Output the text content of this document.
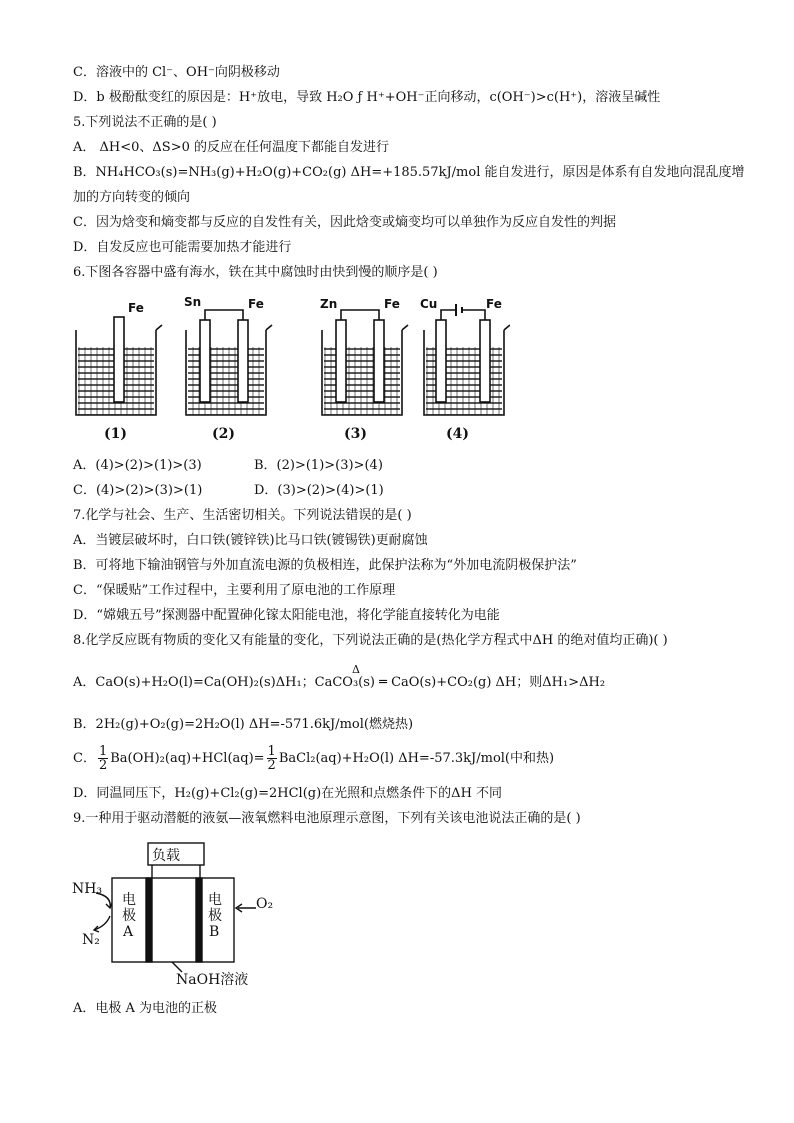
C．溶液中的 Cl⁻、OH⁻向阴极移动
D．b 极酚酞变红的原因是：H⁺放电，导致 H₂O ƒ H⁺+OH⁻正向移动，c(OH⁻)>c(H⁺)，溶液呈碱性
5.下列说法不正确的是( )
A． ΔH<0、ΔS>0 的反应在任何温度下都能自发进行
B．NH₄HCO₃(s)=NH₃(g)+H₂O(g)+CO₂(g) ΔH=+185.57kJ/mol 能自发进行，原因是体系有自发地向混乱度增
加的方向转变的倾向
C．因为焓变和熵变都与反应的自发性有关，因此焓变或熵变均可以单独作为反应自发性的判据
D．自发反应也可能需要加热才能进行
6.下图各容器中盛有海水，铁在其中腐蚀时由快到慢的顺序是( )
Fe	Sn	Fe	Zn	Fe Cu	Fe
(1)	(2)	(3)	(4)
A．(4)>(2)>(1)>(3)	B．(2)>(1)>(3)>(4)
C．(4)>(2)>(3)>(1)	D．(3)>(2)>(4)>(1)
7.化学与社会、生产、生活密切相关。下列说法错误的是( )
A．当镀层破坏时，白口铁(镀锌铁)比马口铁(镀锡铁)更耐腐蚀
B．可将地下输油钢管与外加直流电源的负极相连，此保护法称为“外加电流阴极保护法”
C．“保暖贴”工作过程中，主要利用了原电池的工作原理
D．“嫦娥五号”探测器中配置砷化镓太阳能电池，将化学能直接转化为电能
8.化学反应既有物质的变化又有能量的变化，下列说法正确的是(热化学方程式中ΔH 的绝对值均正确)( )
Δ
A．CaO(s)+H₂O(l)=Ca(OH)₂(s)ΔH₁；CaCO₃(s) ═ CaO(s)+CO₂(g) ΔH；则ΔH₁>ΔH₂
B．2H₂(g)+O₂(g)=2H₂O(l) ΔH=-571.6kJ/mol(燃烧热)
C． $\frac{1}{2} Ba(OH)_2(aq)+HCl(aq)= \frac{1}{2}$ BaCl₂(aq)+H₂O(l) ΔH=-57.3kJ/mol(中和热)
D．同温同压下，H₂(g)+Cl₂(g)=2HCl(g)在光照和点燃条件下的ΔH 不同
9.一种用于驱动潜艇的液氨—液氧燃料电池原理示意图，下列有关该电池说法正确的是( )
负载
NH₃
N₂
O₂
电
极
A
电
极
B
NaOH溶液
A．电极 A 为电池的正极
